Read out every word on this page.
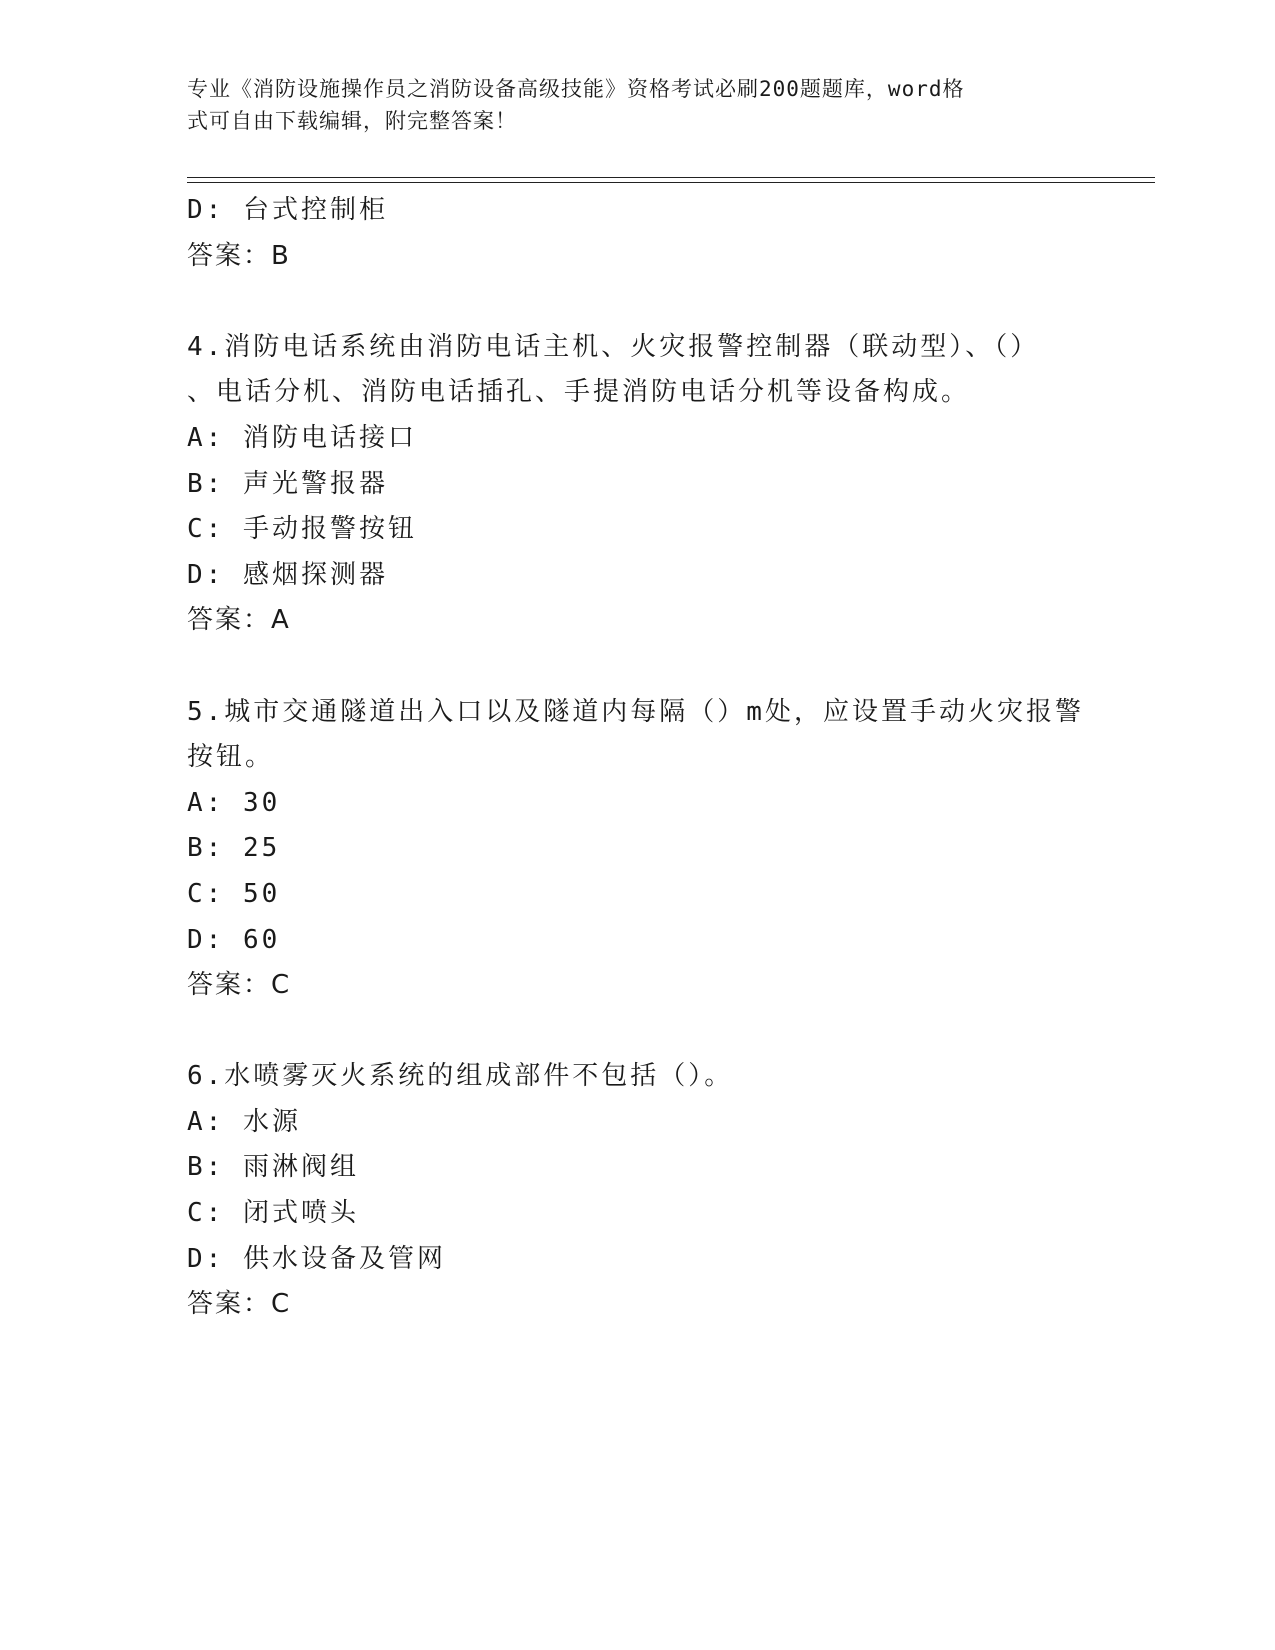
专业《消防设施操作员之消防设备高级技能》资格考试必刷200题题库，word格
式可自由下载编辑，附完整答案！
D: 台式控制柜
答案：B
4.消防电话系统由消防电话主机、火灾报警控制器（联动型）、（）
、电话分机、消防电话插孔、手提消防电话分机等设备构成。
A: 消防电话接口
B: 声光警报器
C: 手动报警按钮
D: 感烟探测器
答案：A
5.城市交通隧道出入口以及隧道内每隔（）m处，应设置手动火灾报警
按钮。
A: 30
B: 25
C: 50
D: 60
答案：C
6.水喷雾灭火系统的组成部件不包括（）。
A: 水源
B: 雨淋阀组
C: 闭式喷头
D: 供水设备及管网
答案：C
